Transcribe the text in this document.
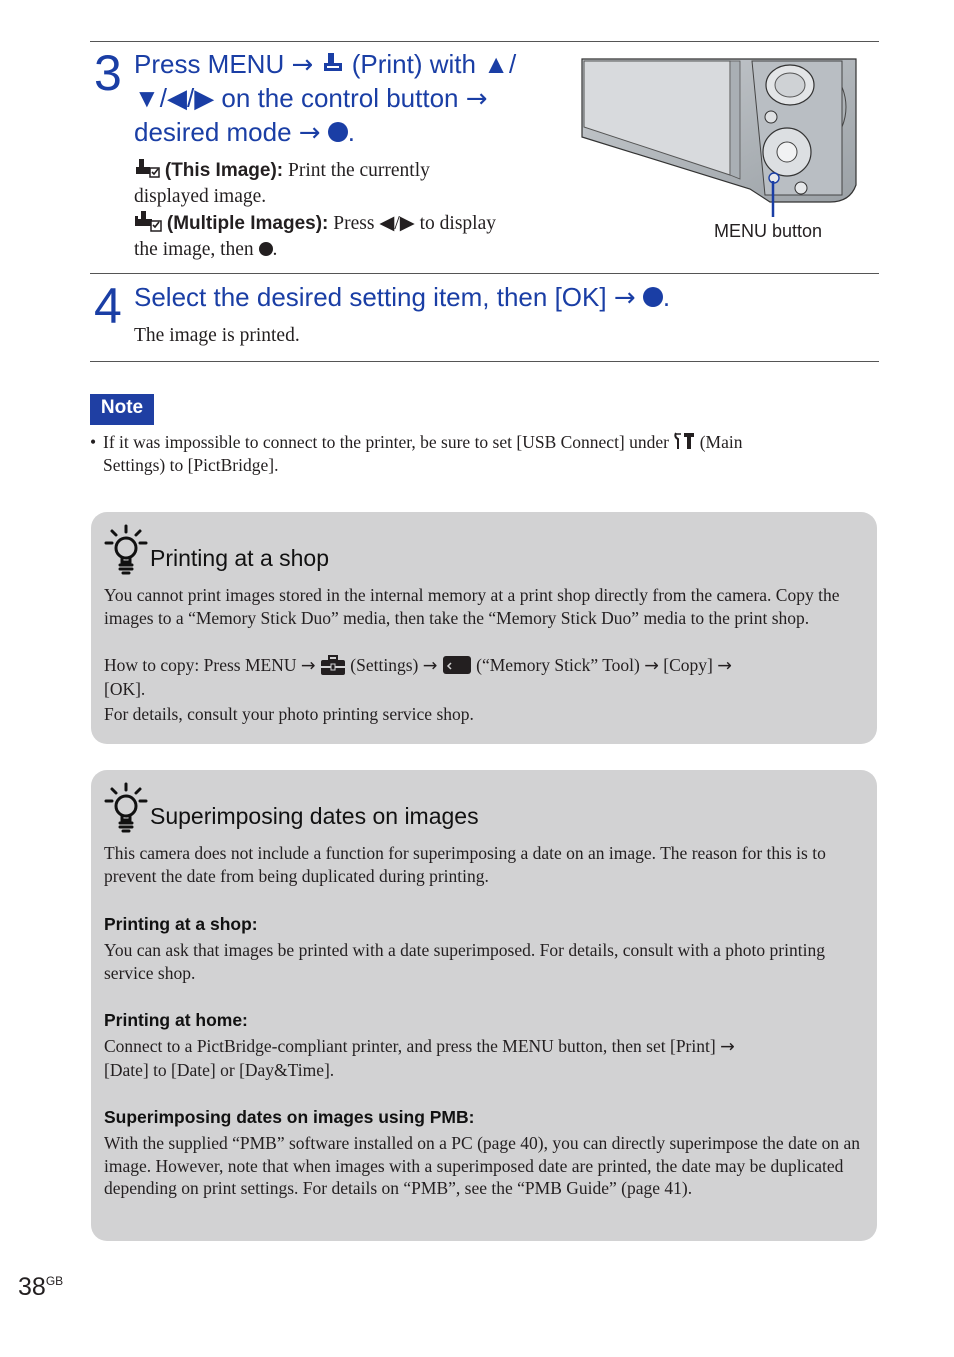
3 Press MENU →  (Print) with ▲/
▼/◀/▶ on the control button →
desired mode → .
(This Image): Print the currently
displayed image.
(Multiple Images): Press ◀/▶ to display
the image, then .
MENU button
4 Select the desired setting item, then [OK] → .
The image is printed.
Note
• If it was impossible to connect to the printer, be sure to set [USB Connect] under  (Main
Settings) to [PictBridge].
Printing at a shop
You cannot print images stored in the internal memory at a print shop directly from the camera. Copy the images to a “Memory Stick Duo” media, then take the “Memory Stick Duo” media to the print shop.
How to copy: Press MENU →  (Settings) →  (“Memory Stick” Tool) → [Copy] →
[OK].
For details, consult your photo printing service shop.
Superimposing dates on images
This camera does not include a function for superimposing a date on an image. The reason for this is to prevent the date from being duplicated during printing.
Printing at a shop:
You can ask that images be printed with a date superimposed. For details, consult with a photo printing service shop.
Printing at home:
Connect to a PictBridge-compliant printer, and press the MENU button, then set [Print] →
[Date] to [Date] or [Day&Time].
Superimposing dates on images using PMB:
With the supplied “PMB” software installed on a PC (page 40), you can directly superimpose the date on an image. However, note that when images with a superimposed date are printed, the date may be duplicated depending on print settings. For details on “PMB”, see the “PMB Guide” (page 41).
$38^{GB}$
